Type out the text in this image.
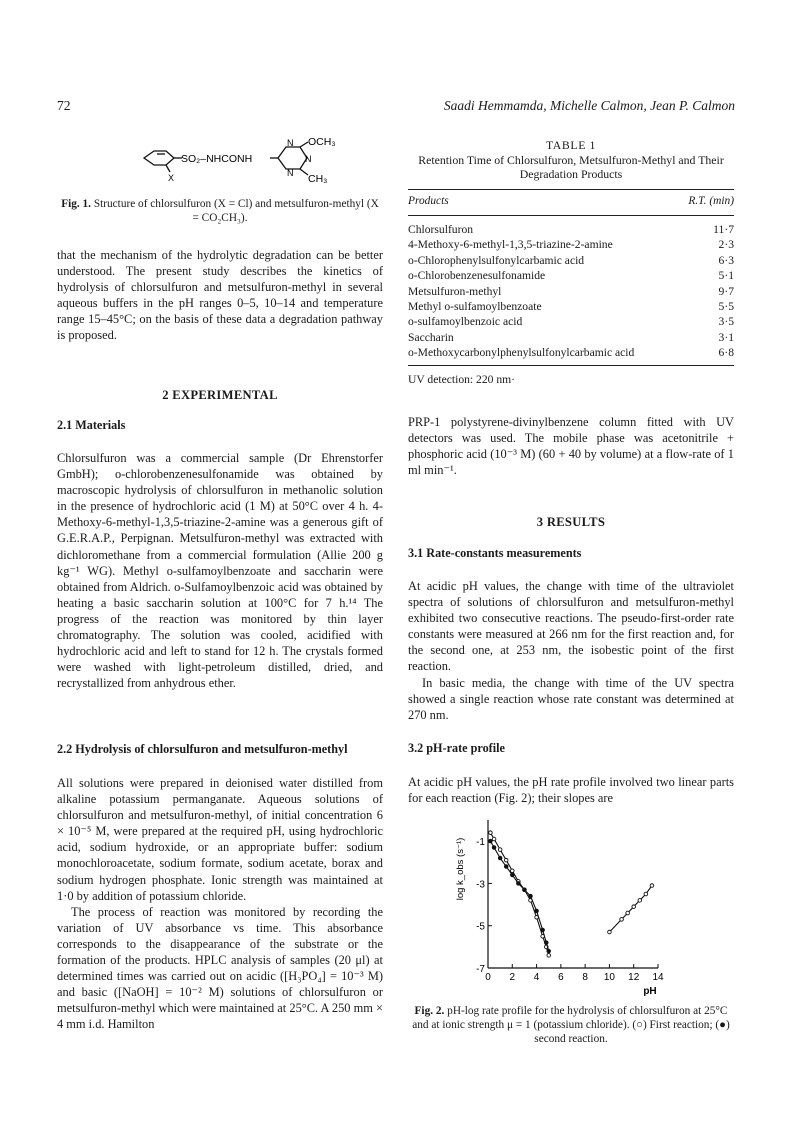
72	Saadi Hemmamda, Michelle Calmon, Jean P. Calmon
SO₂–NHCONH
OCH₃
CH₃
N
N
N
X
Fig. 1. Structure of chlorsulfuron (X = Cl) and metsulfuron-methyl (X = CO₂CH₃).

that the mechanism of the hydrolytic degradation can be better understood. The present study describes the kinetics of hydrolysis of chlorsulfuron and metsulfuron-methyl in several aqueous buffers in the pH ranges 0–5, 10–14 and temperature range 15–45°C; on the basis of these data a degradation pathway is proposed.

2 EXPERIMENTAL
2.1 Materials

Chlorsulfuron was a commercial sample (Dr Ehrenstorfer GmbH); o-chlorobenzenesulfonamide was obtained by macroscopic hydrolysis of chlorsulfuron in methanolic solution in the presence of hydrochloric acid (1 M) at 50°C over 4 h. 4-Methoxy-6-methyl-1,3,5-triazine-2-amine was a generous gift of G.E.R.A.P., Perpignan. Metsulfuron-methyl was extracted with dichloromethane from a commercial formulation (Allie 200 g kg⁻¹ WG). Methyl o-sulfamoylbenzoate and saccharin were obtained from Aldrich. o-Sulfamoylbenzoic acid was obtained by heating a basic saccharin solution at 100°C for 7 h.¹⁴ The progress of the reaction was monitored by thin layer chromatography. The solution was cooled, acidified with hydrochloric acid and left to stand for 12 h. The crystals formed were washed with light-petroleum distilled, dried, and recrystallized from anhydrous ether.

2.2 Hydrolysis of chlorsulfuron and metsulfuron-methyl

All solutions were prepared in deionised water distilled from alkaline potassium permanganate. Aqueous solutions of chlorsulfuron and metsulfuron-methyl, of initial concentration 6 × 10⁻⁵ M, were prepared at the required pH, using hydrochloric acid, sodium hydroxide, or an appropriate buffer: sodium monochloroacetate, sodium formate, sodium acetate, borax and sodium hydrogen phosphate. Ionic strength was maintained at 1·0 by addition of potassium chloride.

The process of reaction was monitored by recording the variation of UV absorbance vs time. This absorbance corresponds to the disappearance of the substrate or the formation of the products. HPLC analysis of samples (20 μl) at determined times was carried out on acidic ([H₃PO₄] = 10⁻³ M) and basic ([NaOH] = 10⁻² M) solutions of chlorsulfuron or metsulfuron-methyl which were maintained at 25°C. A 250 mm × 4 mm i.d. Hamilton

TABLE 1
Retention Time of Chlorsulfuron, Metsulfuron-Methyl and Their Degradation Products
Products	R.T. (min)
Chlorsulfuron	11·7
4-Methoxy-6-methyl-1,3,5-triazine-2-amine	2·3
o-Chlorophenylsulfonylcarbamic acid	6·3
o-Chlorobenzenesulfonamide	5·1
Metsulfuron-methyl	9·7
Methyl o-sulfamoylbenzoate	5·5
o-sulfamoylbenzoic acid	3·5
Saccharin	3·1
o-Methoxycarbonylphenylsulfonylcarbamic acid	6·8
UV detection: 220 nm·

PRP-1 polystyrene-divinylbenzene column fitted with UV detectors was used. The mobile phase was acetonitrile + phosphoric acid (10⁻³ M) (60 + 40 by volume) at a flow-rate of 1 ml min⁻¹.

3 RESULTS
3.1 Rate-constants measurements

At acidic pH values, the change with time of the ultraviolet spectra of solutions of chlorsulfuron and metsulfuron-methyl exhibited two consecutive reactions. The pseudo-first-order rate constants were measured at 266 nm for the first reaction and, for the second one, at 253 nm, the isobestic point of the first reaction.

In basic media, the change with time of the UV spectra showed a single reaction whose rate constant was determined at 270 nm.

3.2 pH-rate profile

At acidic pH values, the pH rate profile involved two linear parts for each reaction (Fig. 2); their slopes are

0 2 4 6 8 10 12 14
-1
-3
-5
-7
pH
log k_obs (s⁻¹)
Fig. 2. pH-log rate profile for the hydrolysis of chlorsulfuron at 25°C and at ionic strength μ = 1 (potassium chloride). (○) First reaction; (●) second reaction.
